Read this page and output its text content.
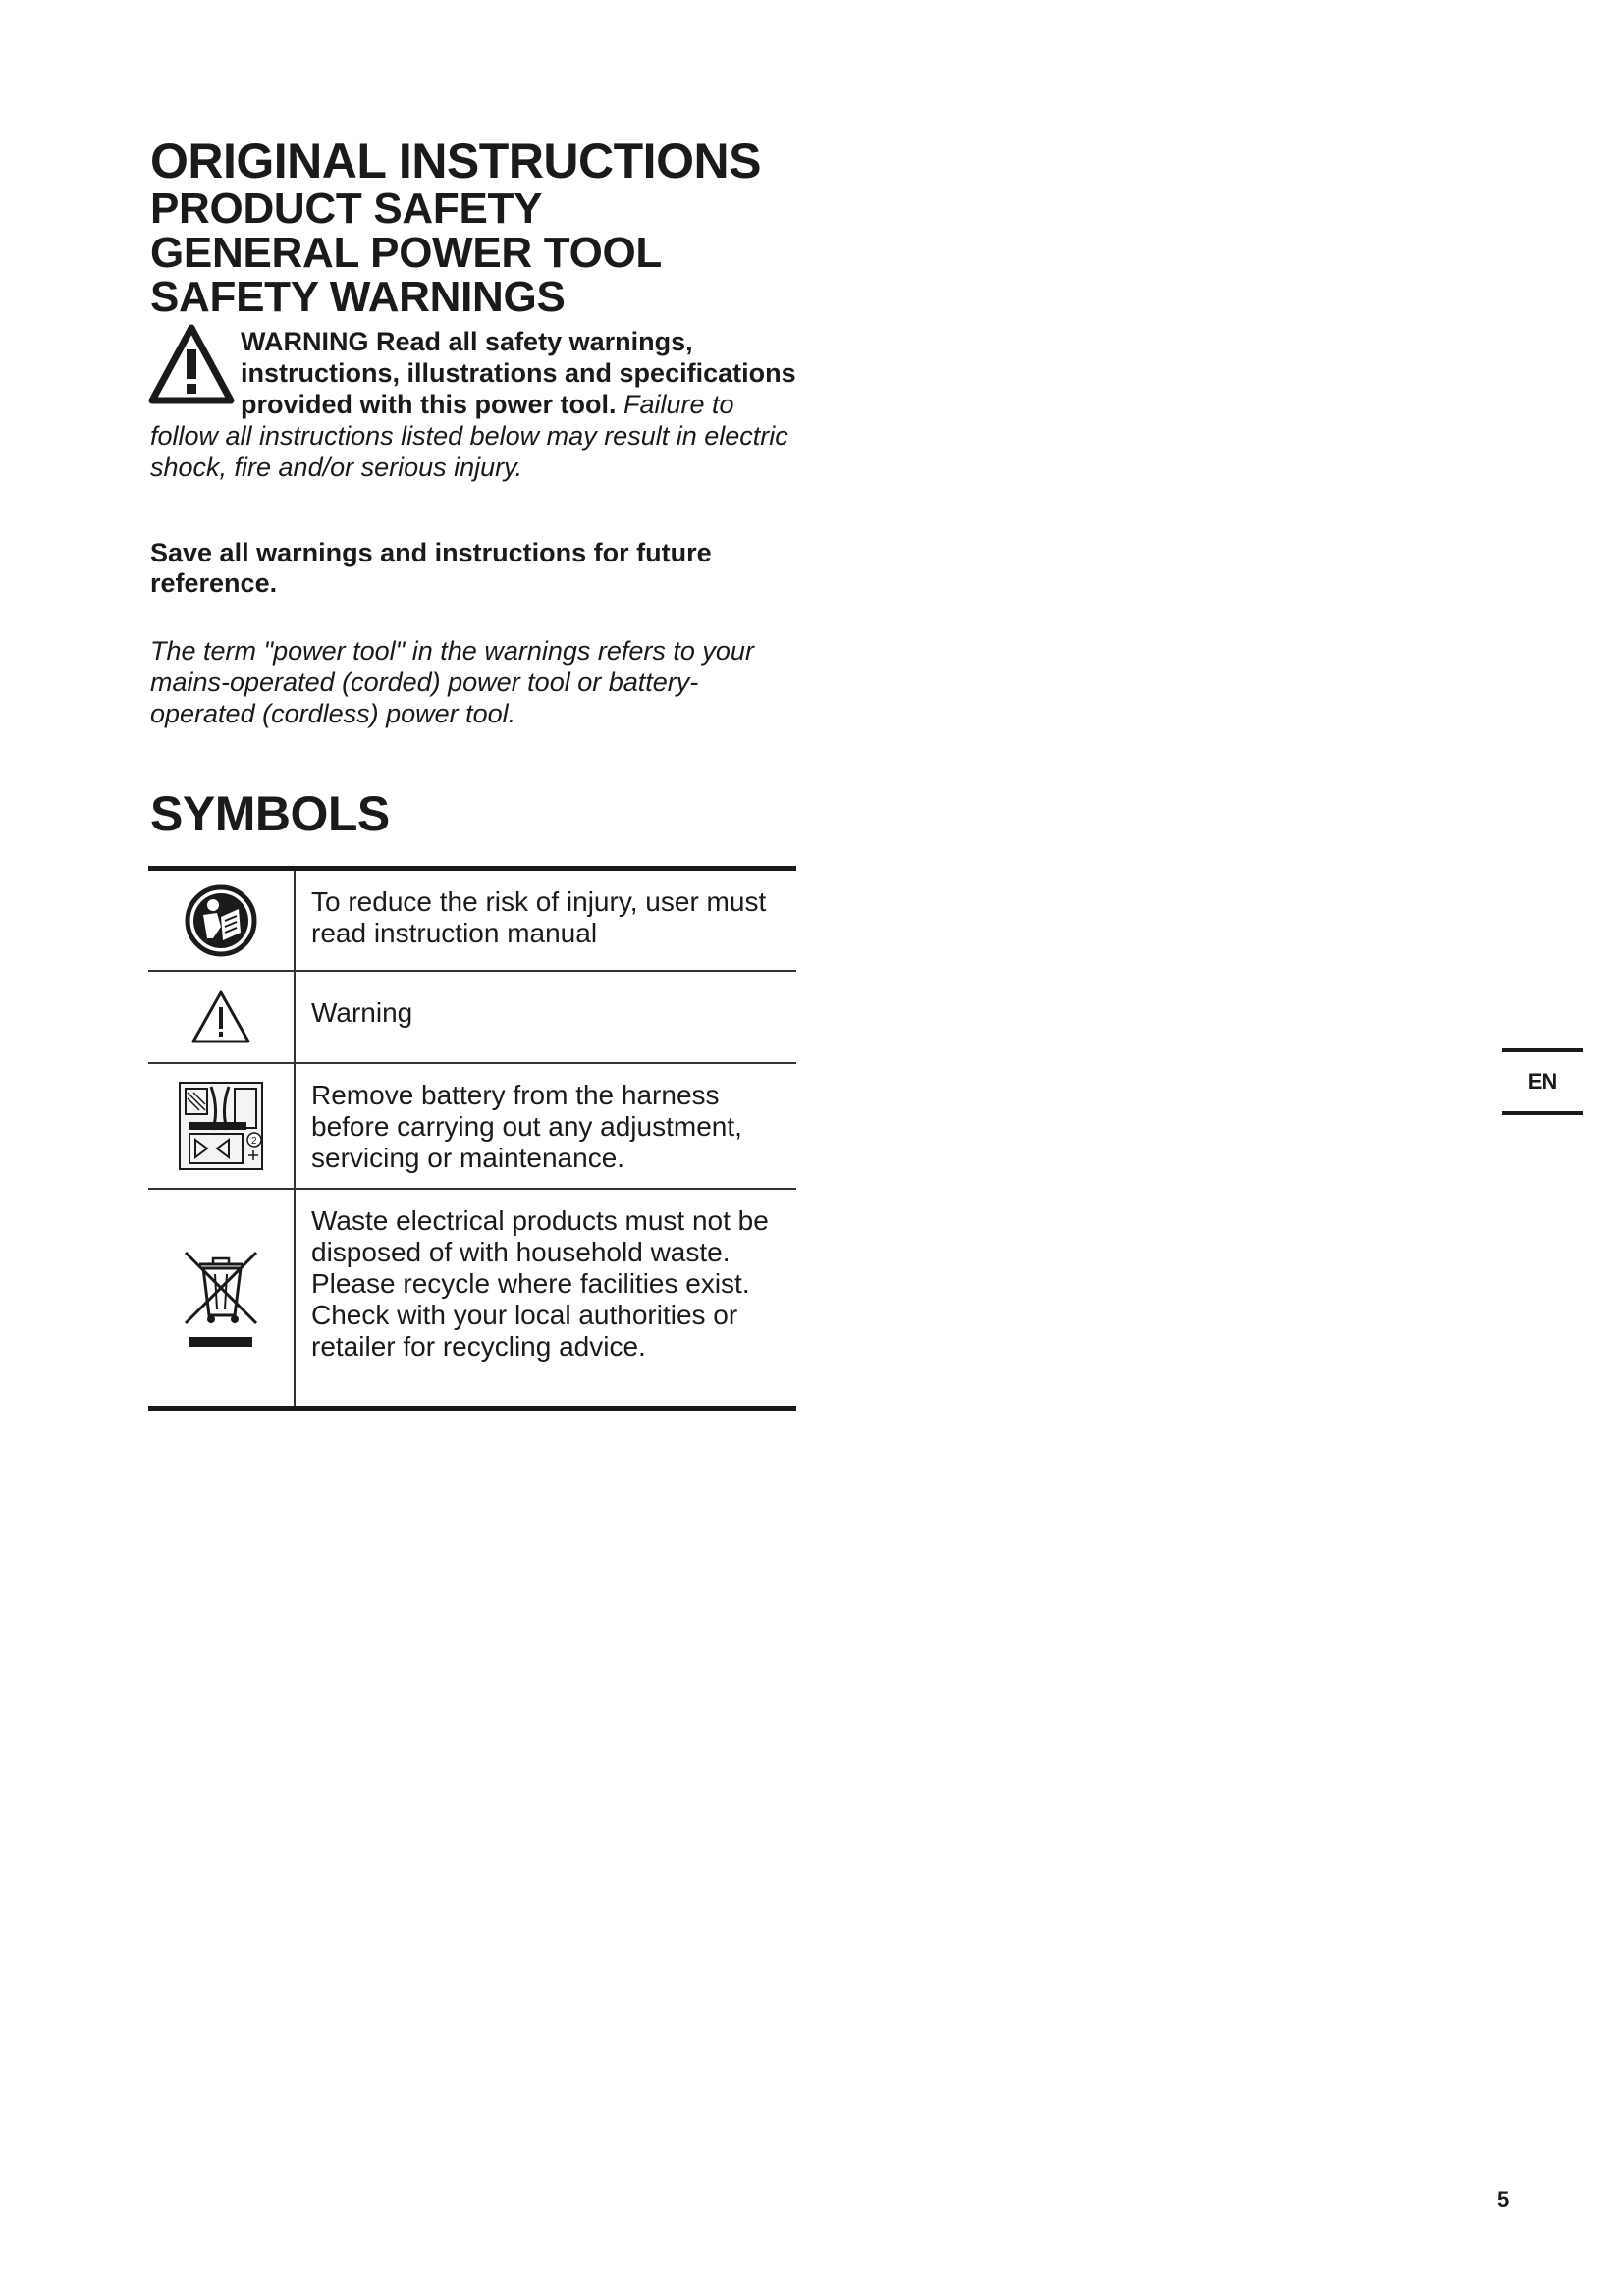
ORIGINAL INSTRUCTIONS
PRODUCT SAFETY
GENERAL POWER TOOL
SAFETY WARNINGS
WARNING Read all safety warnings, instructions, illustrations and specifications provided with this power tool. Failure to follow all instructions listed below may result in electric shock, fire and/or serious injury.
Save all warnings and instructions for future reference.
The term "power tool" in the warnings refers to your mains-operated (corded) power tool or battery-operated (cordless) power tool.
SYMBOLS
To reduce the risk of injury, user must read instruction manual
Warning
2
Remove battery from the harness before carrying out any adjustment, servicing or maintenance.
Waste electrical products must not be disposed of with household waste. Please recycle where facilities exist. Check with your local authorities or retailer for recycling advice.
EN
5
